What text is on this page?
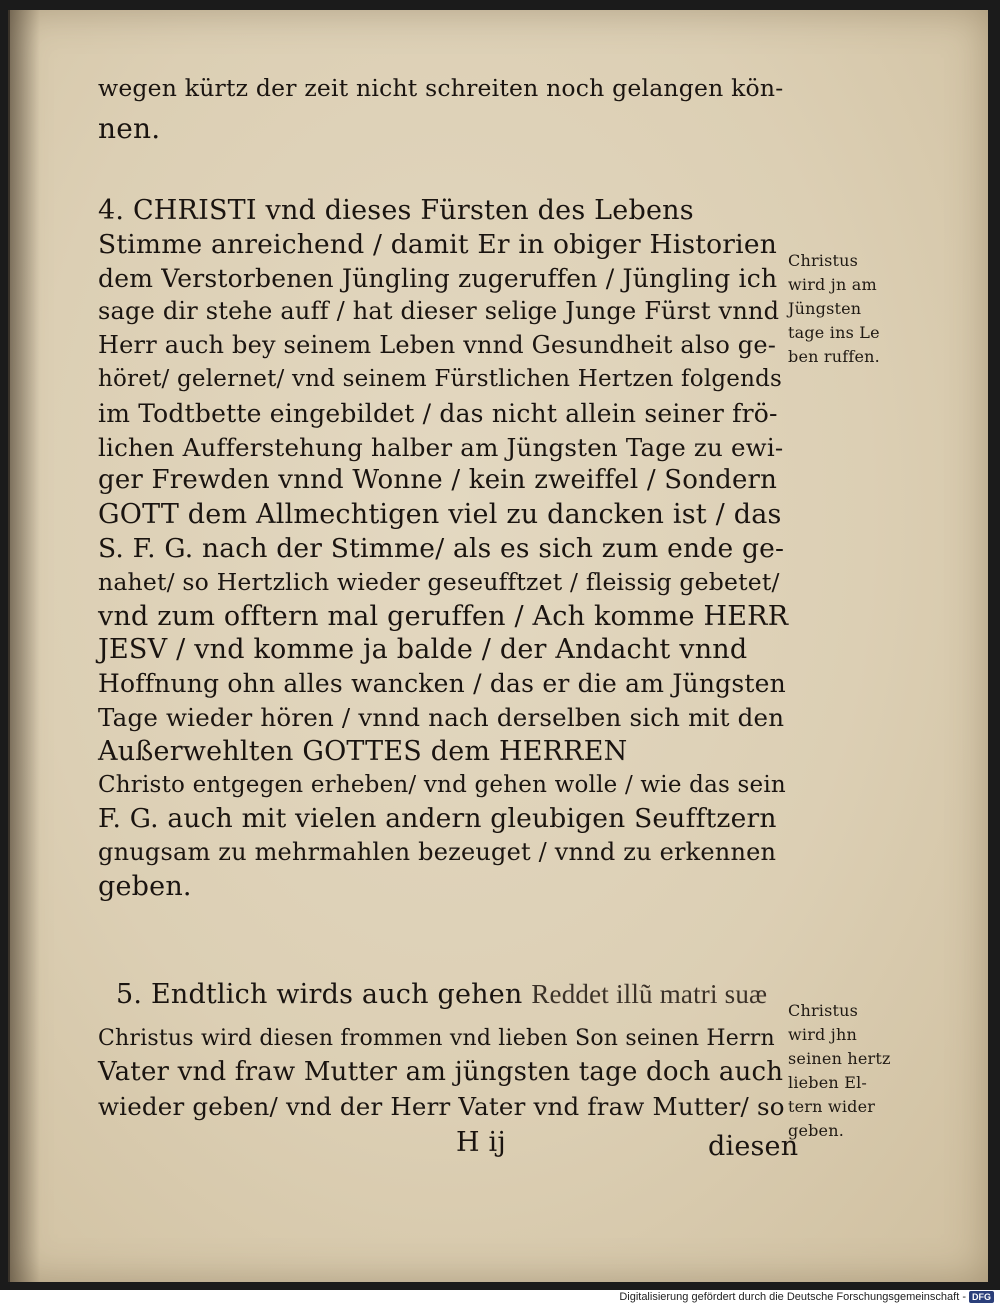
wegen kürtz der zeit nicht schreiten noch gelangen kön-
nen.
4. CHRISTI vnd dieses Fürsten des Lebens
Stimme anreichend / damit Er in obiger Historien
dem Verstorbenen Jüngling zugeruffen / Jüngling ich
sage dir stehe auff / hat dieser selige Junge Fürst vnnd
Herr auch bey seinem Leben vnnd Gesundheit also ge-
höret/ gelernet/ vnd seinem Fürstlichen Hertzen folgends
im Todtbette eingebildet / das nicht allein seiner frö-
lichen Aufferstehung halber am Jüngsten Tage zu ewi-
ger Frewden vnnd Wonne / kein zweiffel / Sondern
GOTT dem Allmechtigen viel zu dancken ist / das
S. F. G. nach der Stimme/ als es sich zum ende ge-
nahet/ so Hertzlich wieder geseufftzet / fleissig gebetet/
vnd zum offtern mal geruffen / Ach komme HERR
JESV / vnd komme ja balde / der Andacht vnnd
Hoffnung ohn alles wancken / das er die am Jüngsten
Tage wieder hören / vnnd nach derselben sich mit den
Außerwehlten GOTTES dem HERREN
Christo entgegen erheben/ vnd gehen wolle / wie das sein
F. G. auch mit vielen andern gleubigen Seufftzern
gnugsam zu mehrmahlen bezeuget / vnnd zu erkennen
geben.
Christus
wird jn am
Jüngsten
tage ins Le
ben ruffen.
5. Endtlich wirds auch gehen Reddet illũ matri suæ
Christus wird diesen frommen vnd lieben Son seinen Herrn
Vater vnd fraw Mutter am jüngsten tage doch auch
wieder geben/ vnd der Herr Vater vnd fraw Mutter/ so
Christus
wird jhn
seinen hertz
lieben El-
tern wider
geben.
H ij	diesen
Digitalisierung gefördert durch die Deutsche Forschungsgemeinschaft - DFG
